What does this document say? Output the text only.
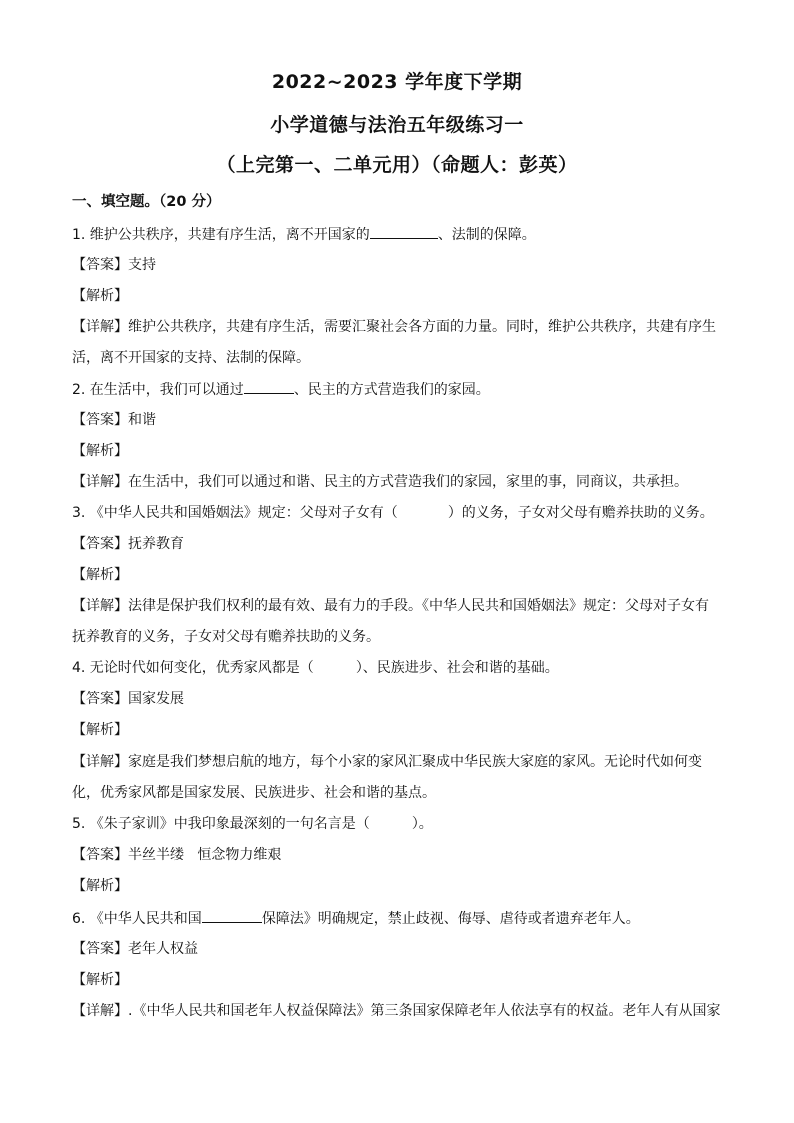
2022~2023 学年度下学期
小学道德与法治五年级练习一
（上完第一、二单元用）（命题人：彭英）
一、填空题。（20 分）
1. 维护公共秩序，共建有序生活，离不开国家的	、法制的保障。
【答案】支持
【解析】
【详解】维护公共秩序，共建有序生活，需要汇聚社会各方面的力量。同时，维护公共秩序，共建有序生
活，离不开国家的支持、法制的保障。
2. 在生活中，我们可以通过	、民主的方式营造我们的家园。
【答案】和谐
【解析】
【详解】在生活中，我们可以通过和谐、民主的方式营造我们的家园，家里的事，同商议，共承担。
3. 《中华人民共和国婚姻法》规定：父母对子女有（	）的义务，子女对父母有赡养扶助的义务。
【答案】抚养教育
【解析】
【详解】法律是保护我们权利的最有效、最有力的手段。《中华人民共和国婚姻法》规定：父母对子女有
抚养教育的义务，子女对父母有赡养扶助的义务。
4. 无论时代如何变化，优秀家风都是（	）、民族进步、社会和谐的基础。
【答案】国家发展
【解析】
【详解】家庭是我们梦想启航的地方，每个小家的家风汇聚成中华民族大家庭的家风。无论时代如何变
化，优秀家风都是国家发展、民族进步、社会和谐的基点。
5. 《朱子家训》中我印象最深刻的一句名言是（	）。
【答案】半丝半缕   恒念物力维艰
【解析】
6. 《中华人民共和国	保障法》明确规定，禁止歧视、侮辱、虐待或者遗弃老年人。
【答案】老年人权益
【解析】
【详解】.《中华人民共和国老年人权益保障法》第三条国家保障老年人依法享有的权益。老年人有从国家
